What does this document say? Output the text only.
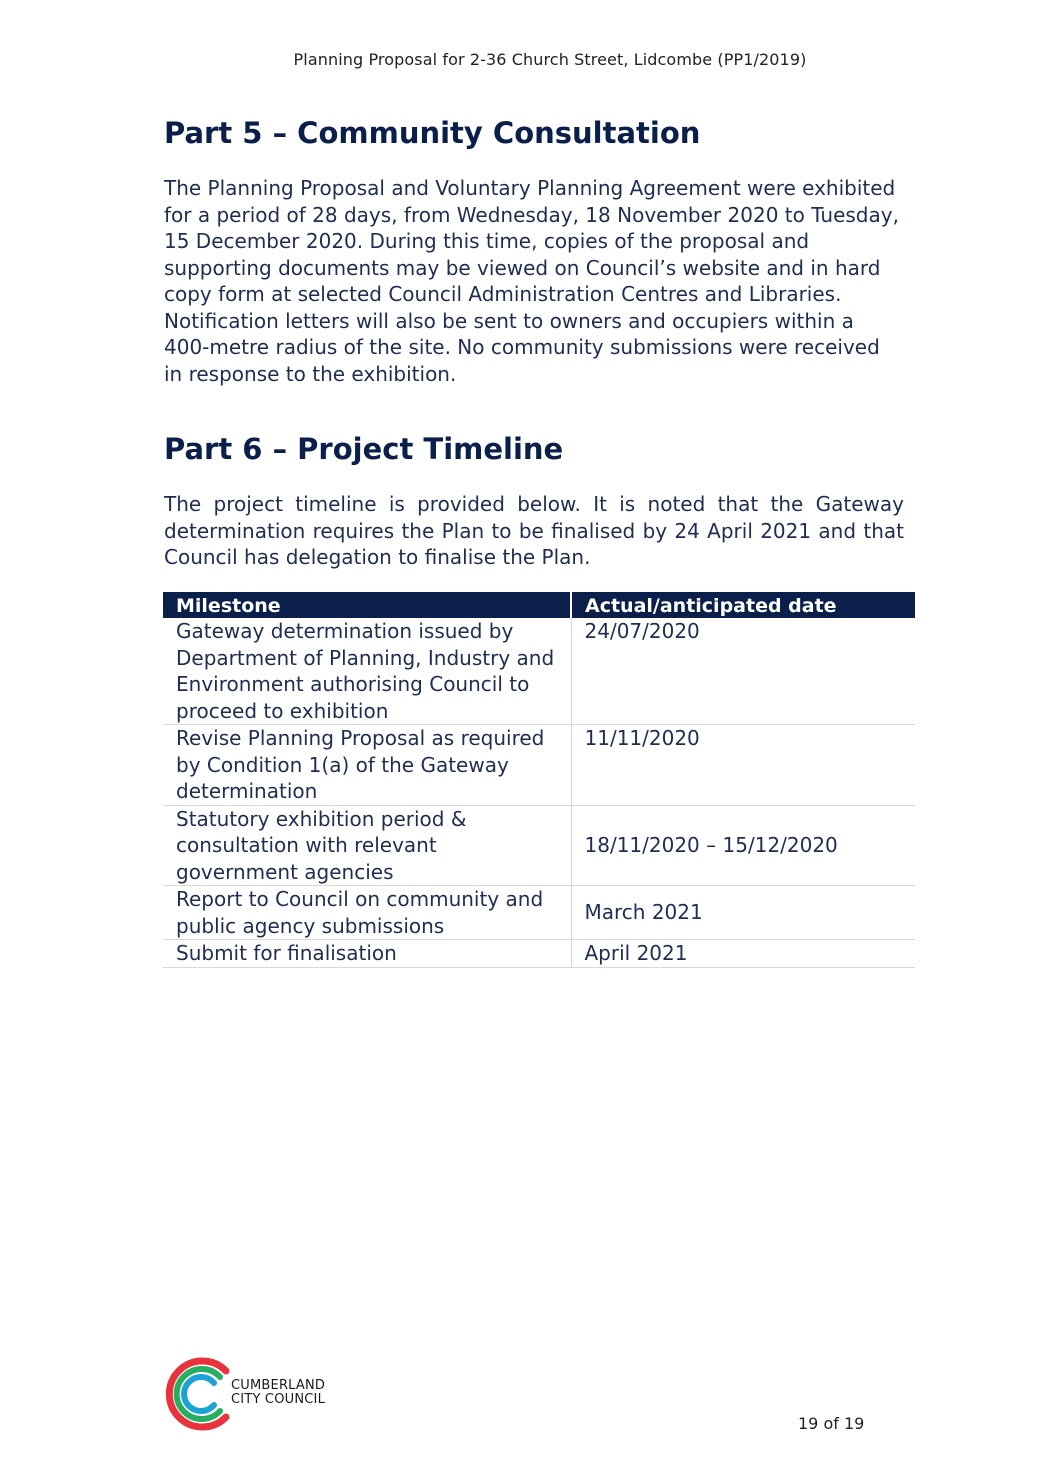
Planning Proposal for 2-36 Church Street, Lidcombe (PP1/2019)
Part 5 – Community Consultation

The Planning Proposal and Voluntary Planning Agreement were exhibited for a period of 28 days, from Wednesday, 18 November 2020 to Tuesday, 15 December 2020. During this time, copies of the proposal and supporting documents may be viewed on Council’s website and in hard copy form at selected Council Administration Centres and Libraries. Notification letters will also be sent to owners and occupiers within a 400-metre radius of the site. No community submissions were received in response to the exhibition.

Part 6 – Project Timeline

The project timeline is provided below. It is noted that the Gateway determination requires the Plan to be finalised by 24 April 2021 and that Council has delegation to finalise the Plan.

Milestone	Actual/anticipated date
Gateway determination issued by Department of Planning, Industry and Environment authorising Council to proceed to exhibition	24/07/2020
Revise Planning Proposal as required by Condition 1(a) of the Gateway determination	11/11/2020
Statutory exhibition period & consultation with relevant government agencies	18/11/2020 – 15/12/2020
Report to Council on community and public agency submissions	March 2021
Submit for finalisation	April 2021
CUMBERLAND
CITY COUNCIL
19 of 19
